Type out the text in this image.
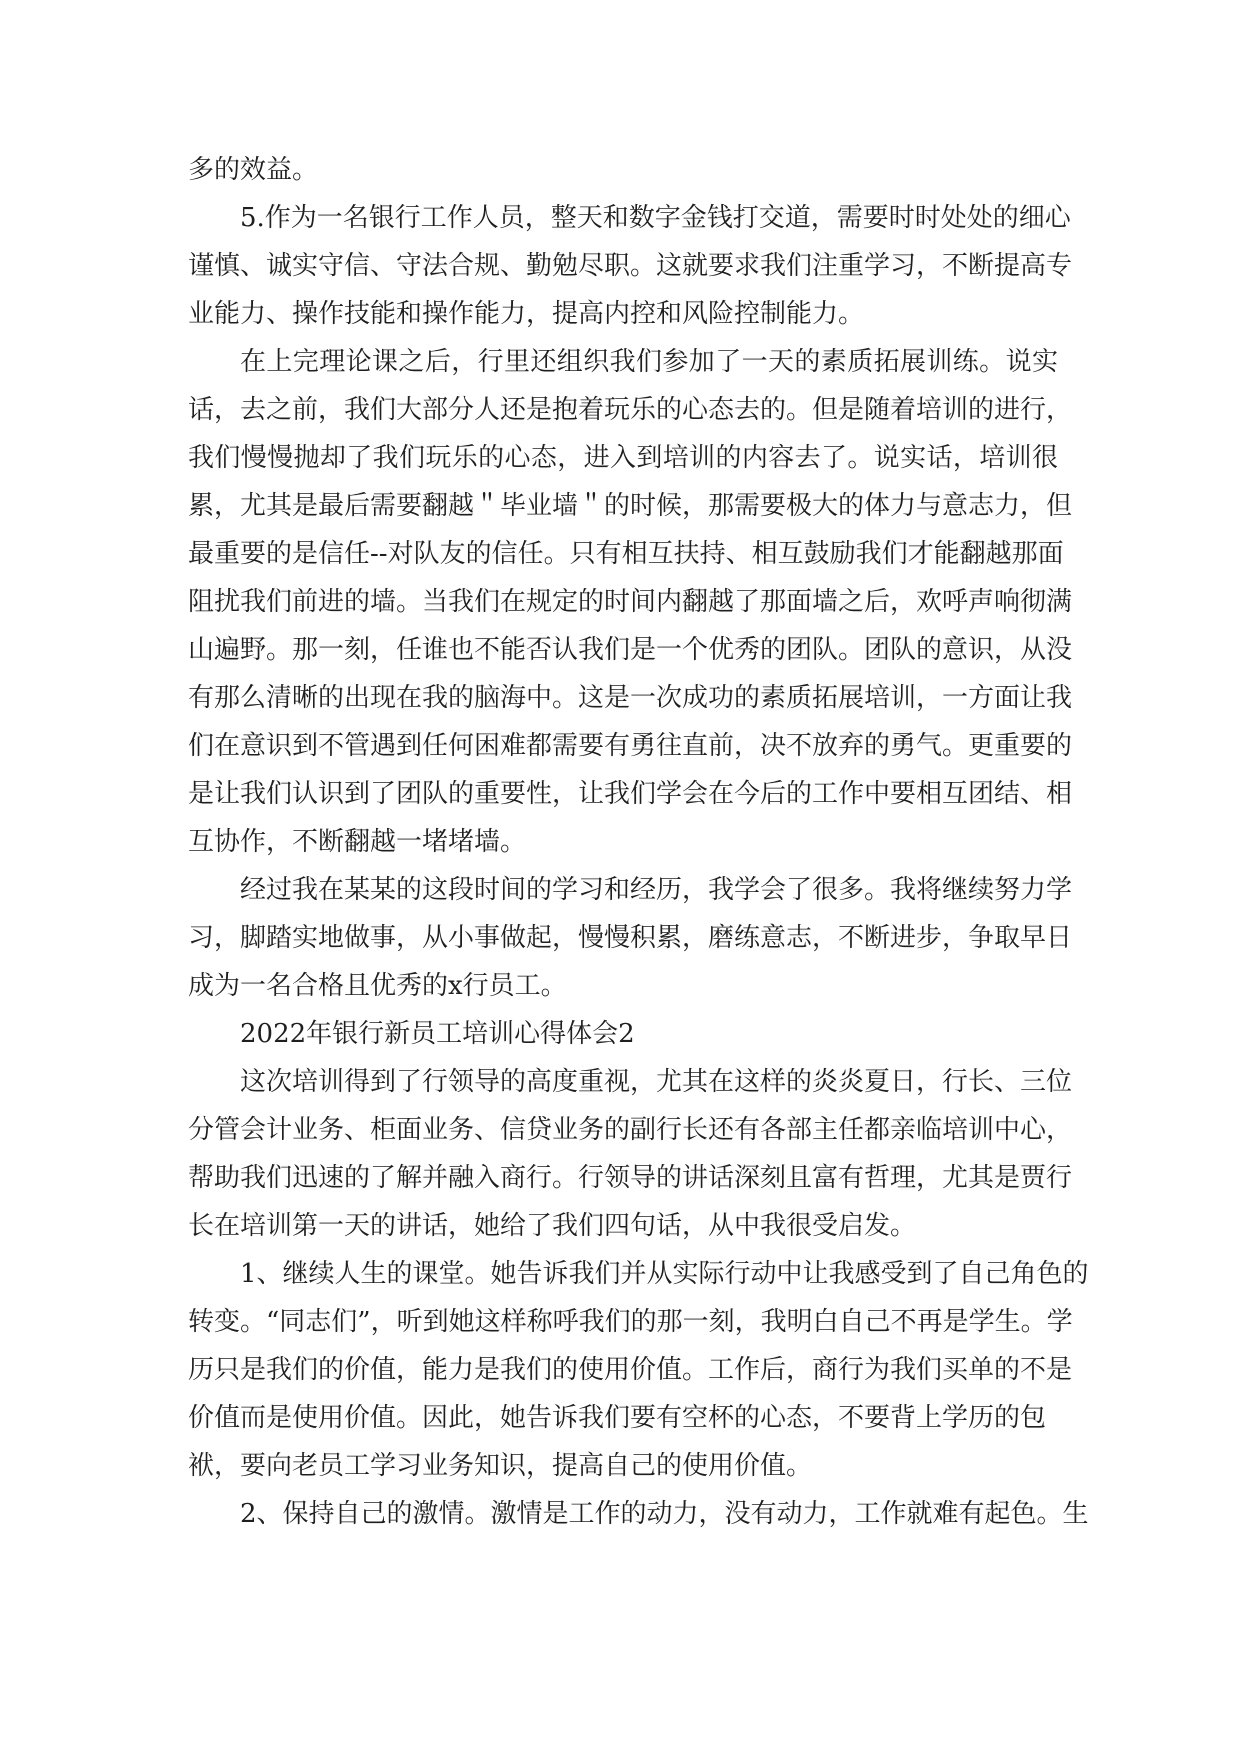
多的效益。
5.作为一名银行工作人员，整天和数字金钱打交道，需要时时处处的细心
谨慎、诚实守信、守法合规、勤勉尽职。这就要求我们注重学习，不断提高专
业能力、操作技能和操作能力，提高内控和风险控制能力。
在上完理论课之后，行里还组织我们参加了一天的素质拓展训练。说实
话，去之前，我们大部分人还是抱着玩乐的心态去的。但是随着培训的进行，
我们慢慢抛却了我们玩乐的心态，进入到培训的内容去了。说实话，培训很
累，尤其是最后需要翻越＂毕业墙＂的时候，那需要极大的体力与意志力，但
最重要的是信任--对队友的信任。只有相互扶持、相互鼓励我们才能翻越那面
阻扰我们前进的墙。当我们在规定的时间内翻越了那面墙之后，欢呼声响彻满
山遍野。那一刻，任谁也不能否认我们是一个优秀的团队。团队的意识，从没
有那么清晰的出现在我的脑海中。这是一次成功的素质拓展培训，一方面让我
们在意识到不管遇到任何困难都需要有勇往直前，决不放弃的勇气。更重要的
是让我们认识到了团队的重要性，让我们学会在今后的工作中要相互团结、相
互协作，不断翻越一堵堵墙。
经过我在某某的这段时间的学习和经历，我学会了很多。我将继续努力学
习，脚踏实地做事，从小事做起，慢慢积累，磨练意志，不断进步，争取早日
成为一名合格且优秀的x行员工。
2022年银行新员工培训心得体会2
这次培训得到了行领导的高度重视，尤其在这样的炎炎夏日，行长、三位
分管会计业务、柜面业务、信贷业务的副行长还有各部主任都亲临培训中心，
帮助我们迅速的了解并融入商行。行领导的讲话深刻且富有哲理，尤其是贾行
长在培训第一天的讲话，她给了我们四句话，从中我很受启发。
1、继续人生的课堂。她告诉我们并从实际行动中让我感受到了自己角色的
转变。“同志们”，听到她这样称呼我们的那一刻，我明白自己不再是学生。学
历只是我们的价值，能力是我们的使用价值。工作后，商行为我们买单的不是
价值而是使用价值。因此，她告诉我们要有空杯的心态，不要背上学历的包
袱，要向老员工学习业务知识，提高自己的使用价值。
2、保持自己的激情。激情是工作的动力，没有动力，工作就难有起色。生
